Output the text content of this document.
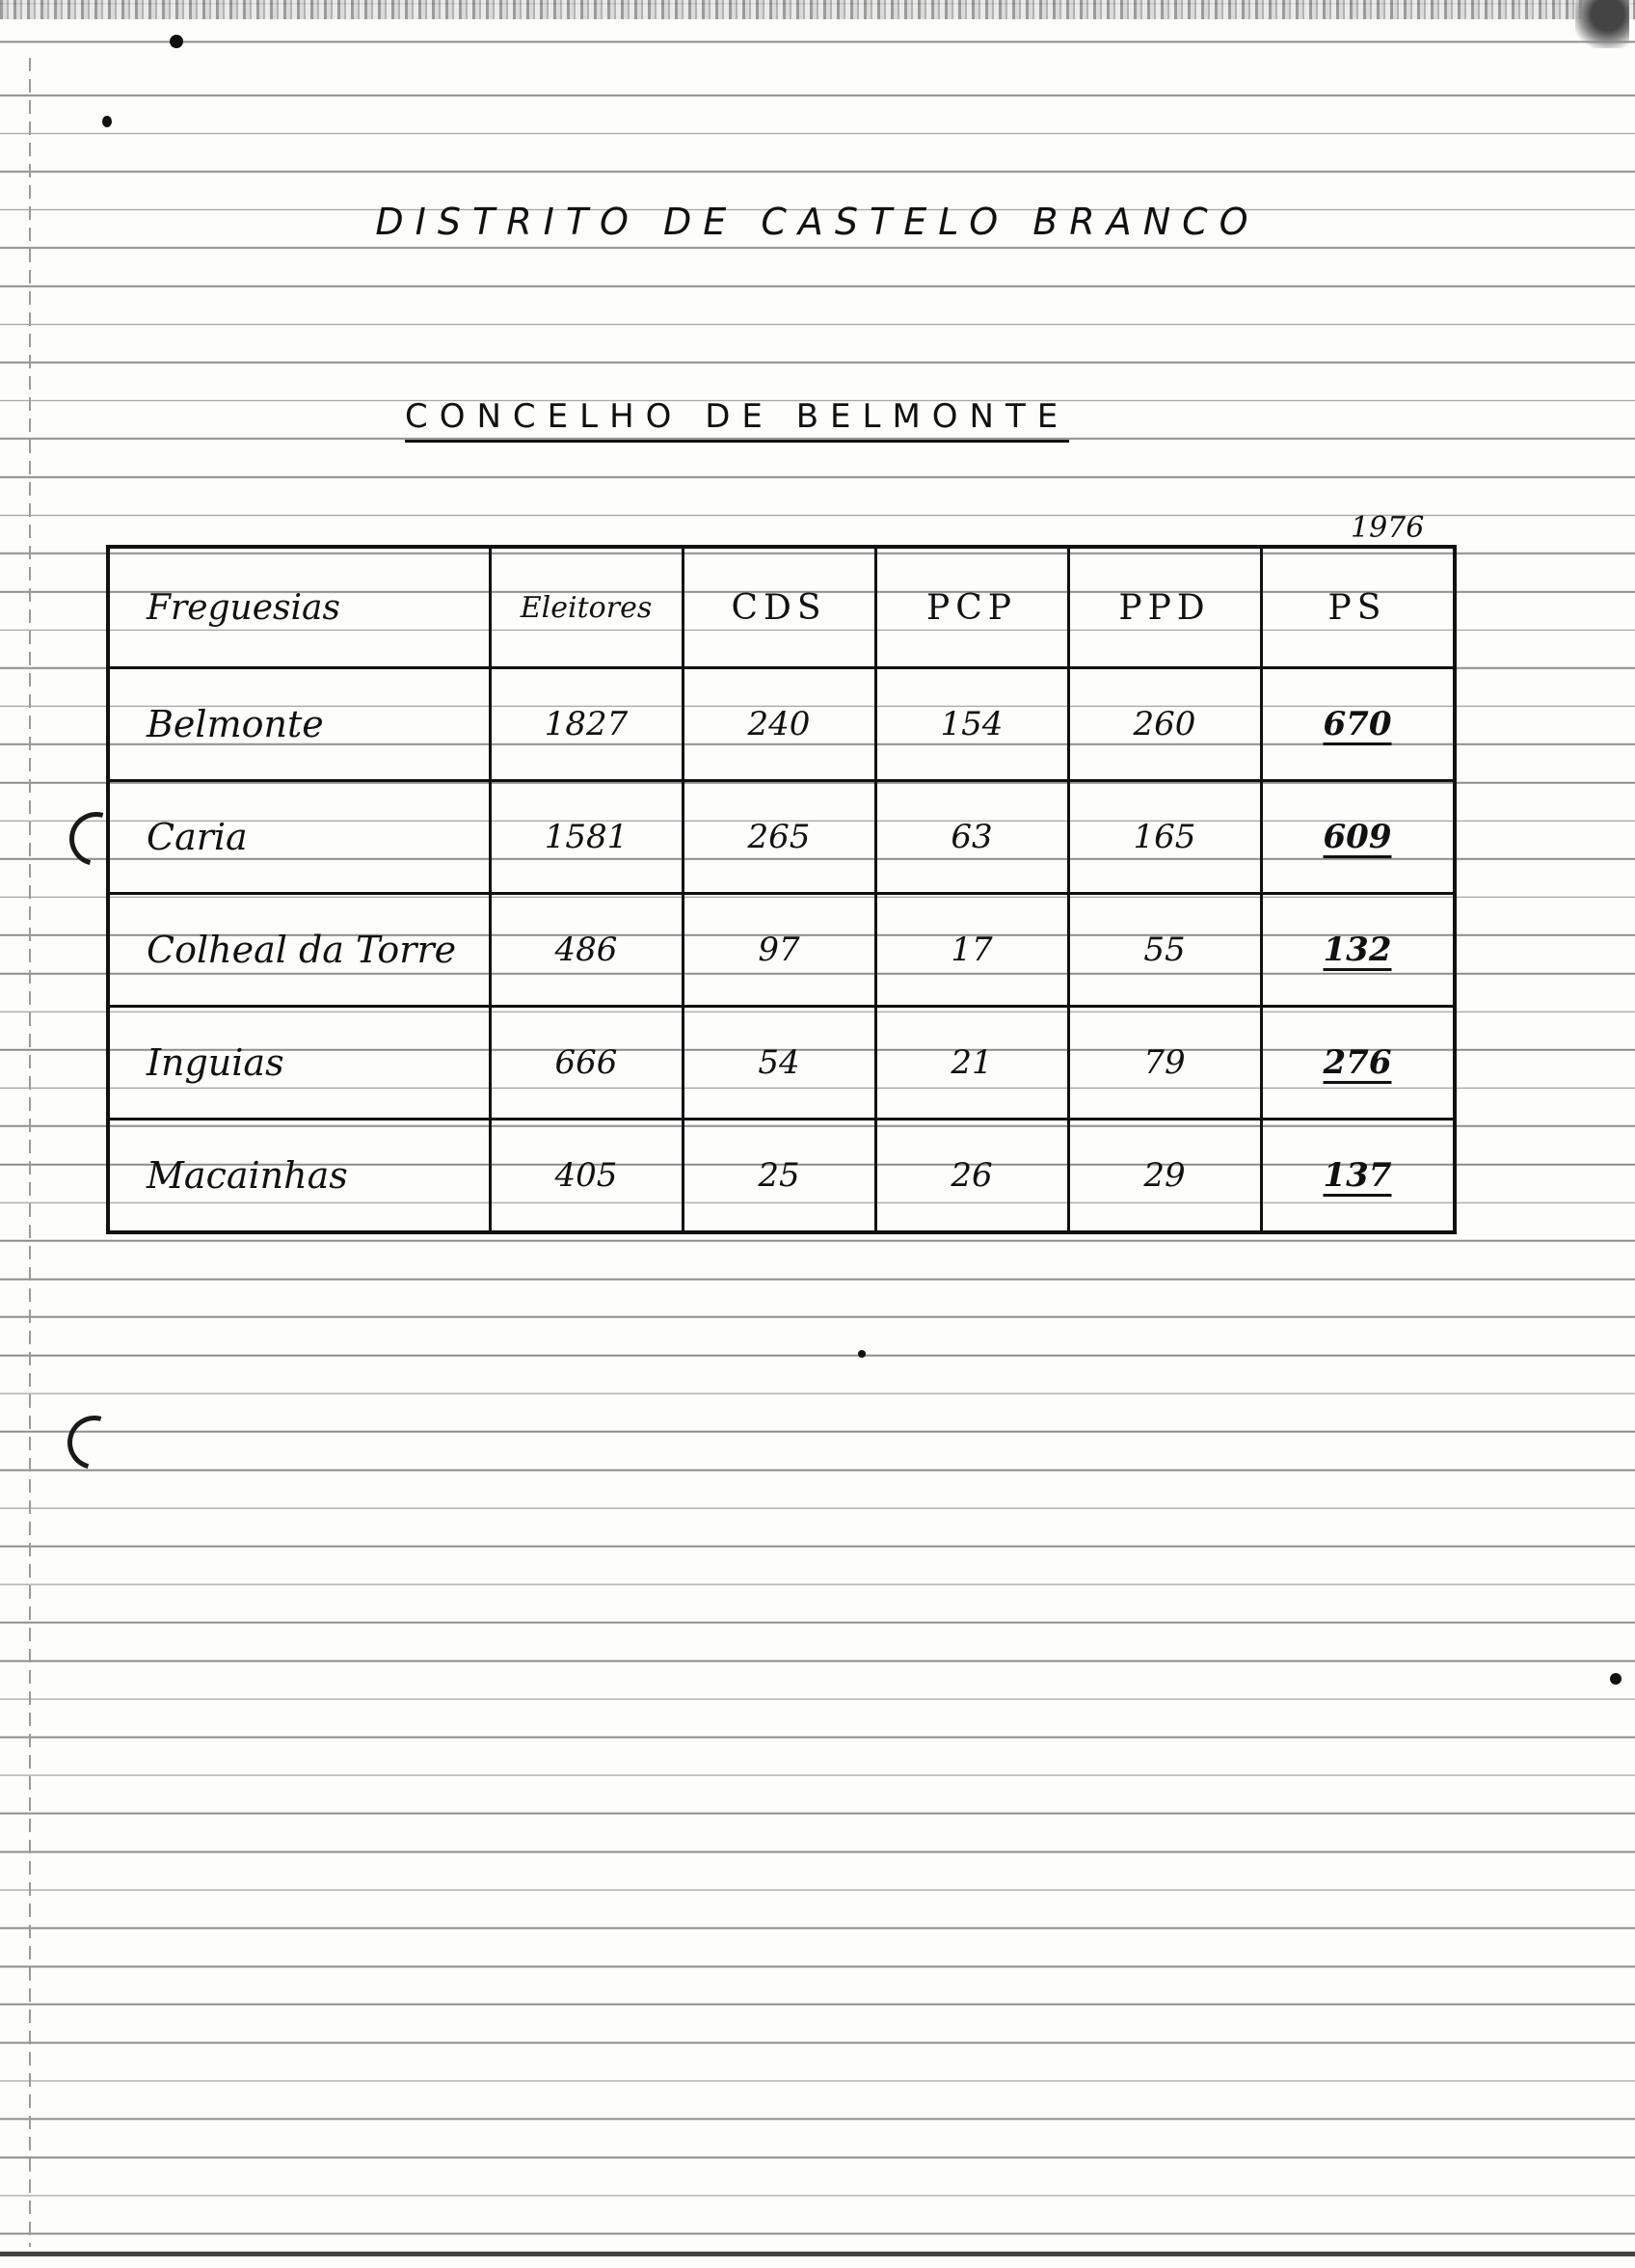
DISTRITO DE CASTELO BRANCO
CONCELHO DE BELMONTE
1976
Freguesias	Eleitores	CDS	PCP	PPD	PS
Belmonte	1827	240	154	260	670
Caria	1581	265	63	165	609
Colheal da Torre	486	97	17	55	132
Inguias	666	54	21	79	276
Macainhas	405	25	26	29	137
